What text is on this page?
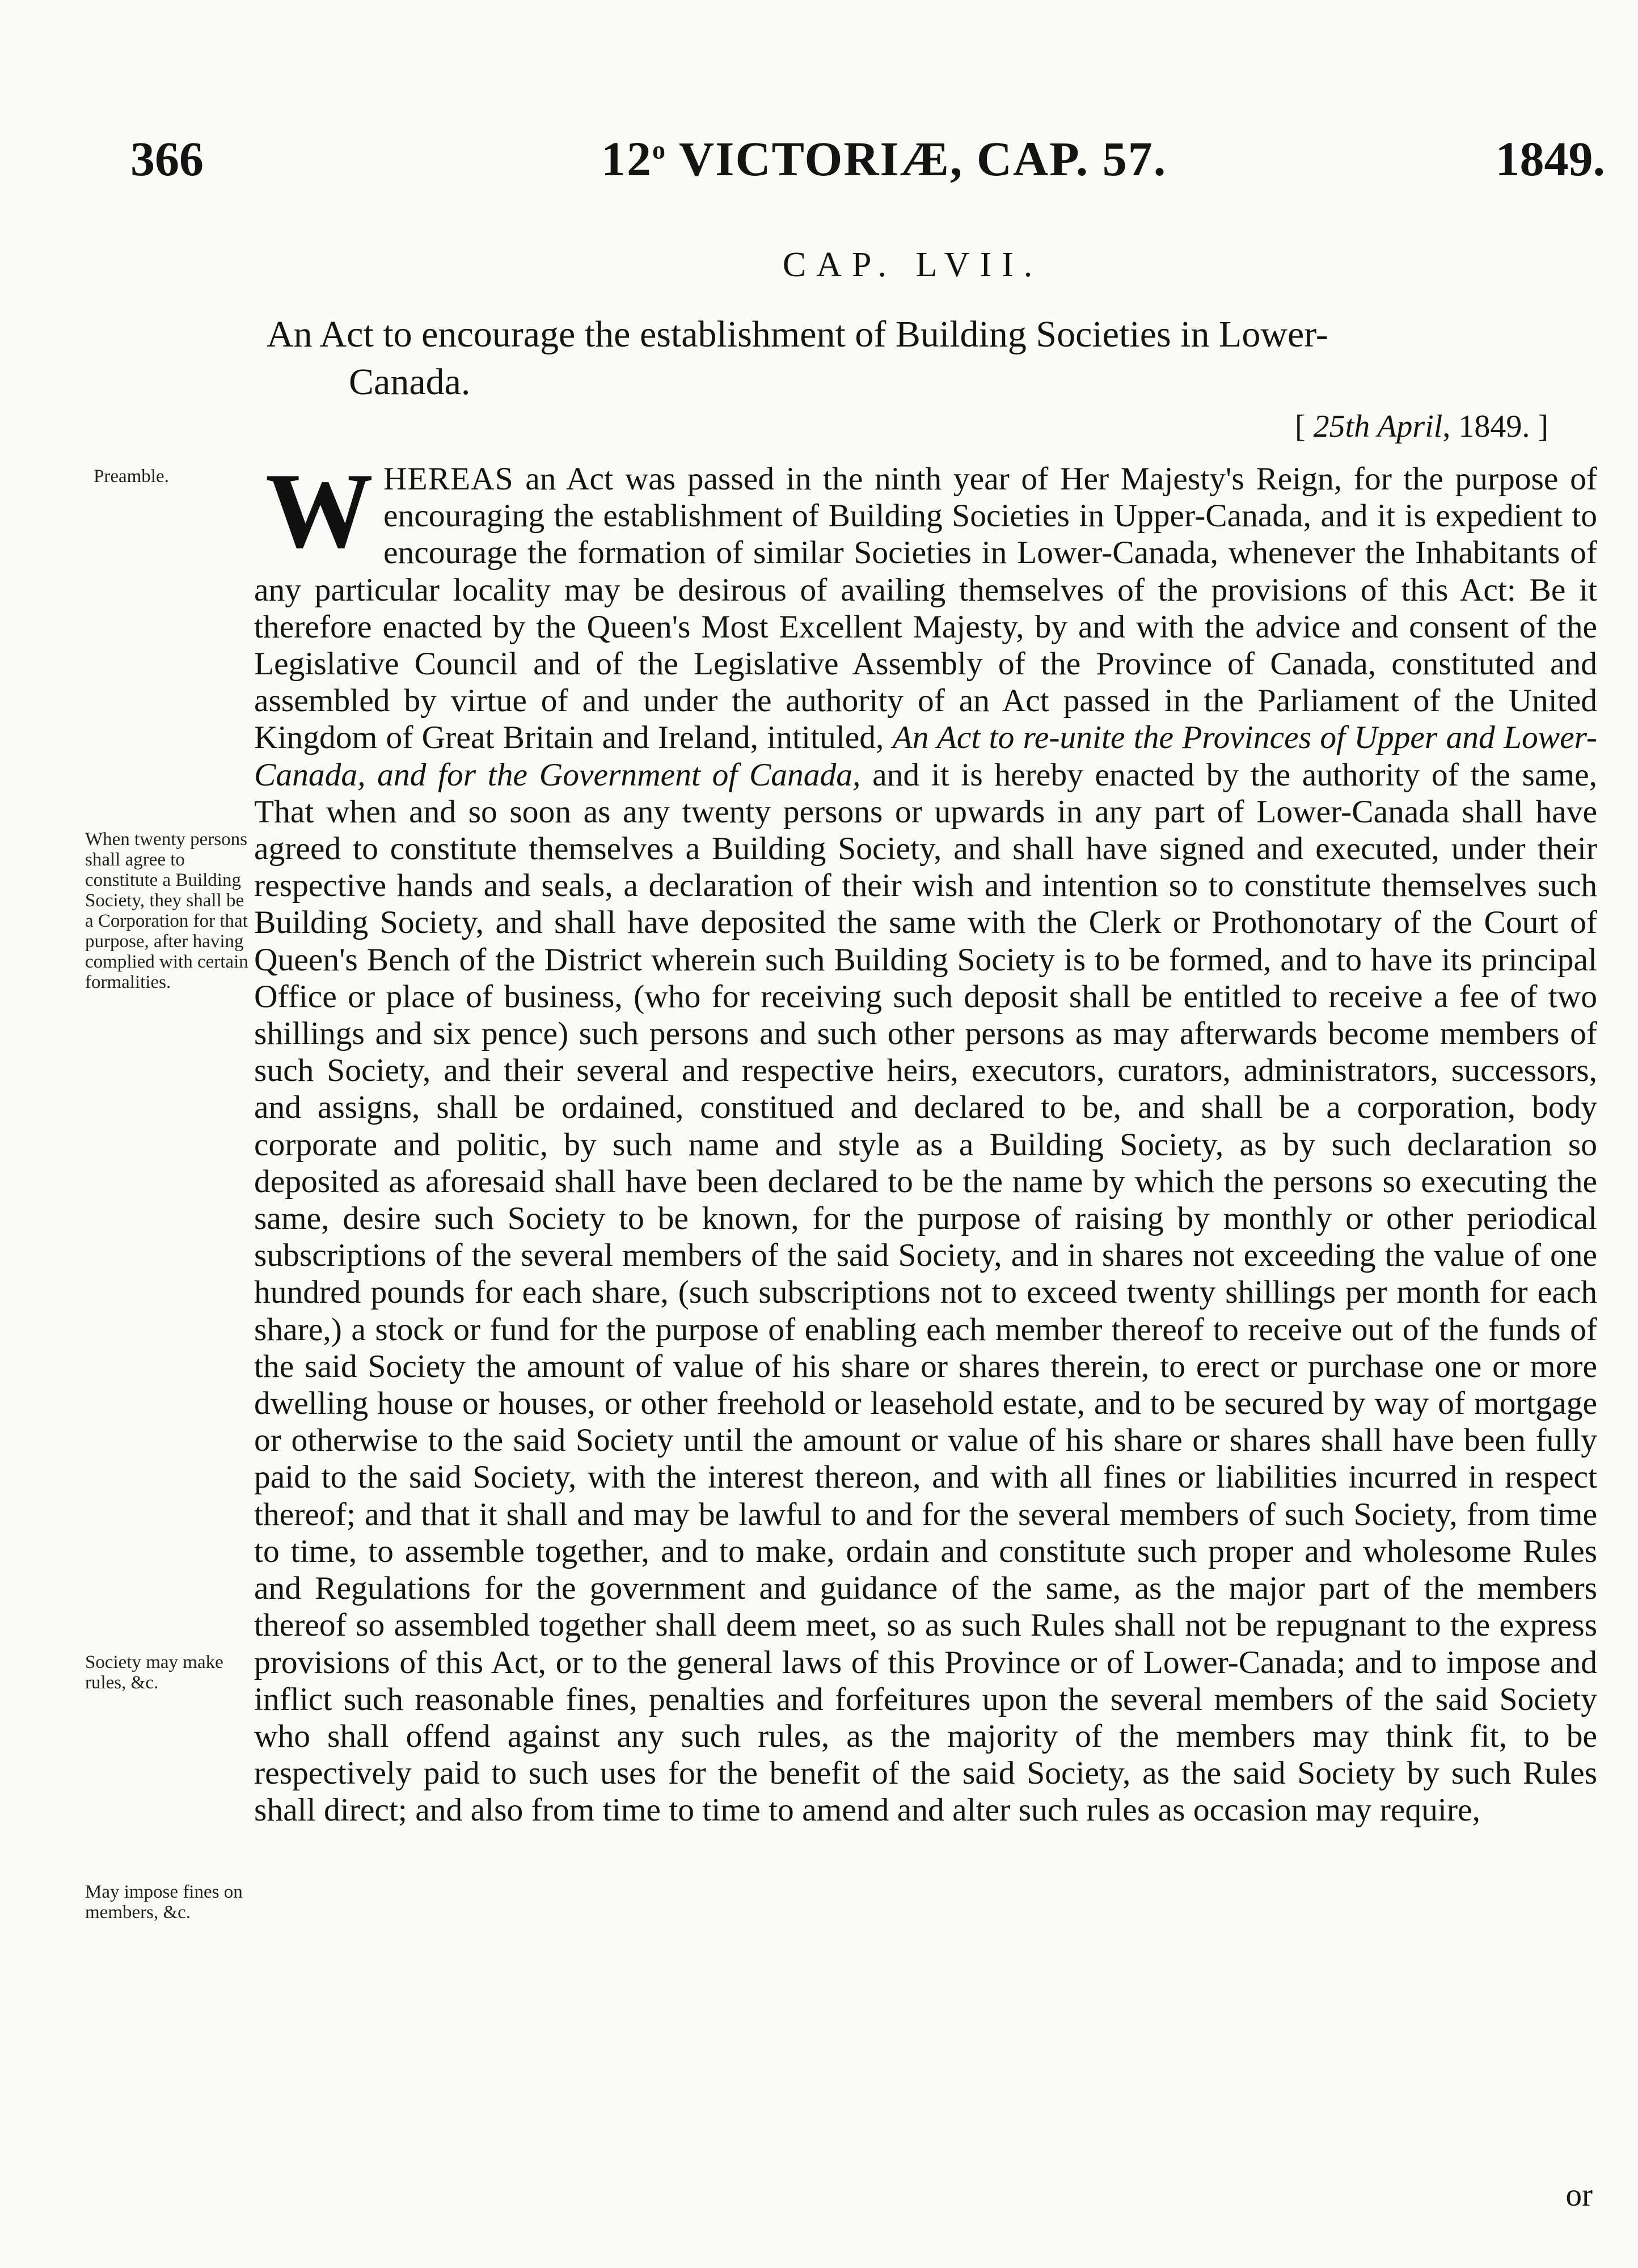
366	12$^o$ VICTORIÆ, CAP. 57.	1849.
CAP. LVII.
An Act to encourage the establishment of Building Societies in Lower-
Canada.
[ 25th April, 1849. ]
Preamble.
When twenty persons shall agree to constitute a Building Society, they shall be a Corporation for that purpose, after having complied with certain formalities.
Society may make rules, &c.
May impose fines on members, &c.
WHEREAS an Act was passed in the ninth year of Her Majesty's Reign, for the purpose of encouraging the establishment of Building Societies in Upper-Canada, and it is expedient to encourage the formation of similar Societies in Lower-Canada, whenever the Inhabitants of any particular locality may be desirous of availing themselves of the provisions of this Act: Be it therefore enacted by the Queen's Most Excellent Majesty, by and with the advice and consent of the Legislative Council and of the Legislative Assembly of the Province of Canada, constituted and assembled by virtue of and under the authority of an Act passed in the Parliament of the United Kingdom of Great Britain and Ireland, intituled, An Act to re-unite the Provinces of Upper and Lower-Canada, and for the Government of Canada, and it is hereby enacted by the authority of the same, That when and so soon as any twenty persons or upwards in any part of Lower-Canada shall have agreed to constitute themselves a Building Society, and shall have signed and executed, under their respective hands and seals, a declaration of their wish and intention so to constitute themselves such Building Society, and shall have deposited the same with the Clerk or Prothonotary of the Court of Queen's Bench of the District wherein such Building Society is to be formed, and to have its principal Office or place of business, (who for receiving such deposit shall be entitled to receive a fee of two shillings and six pence) such persons and such other persons as may afterwards become members of such Society, and their several and respective heirs, executors, curators, administrators, successors, and assigns, shall be ordained, constitued and declared to be, and shall be a corporation, body corporate and politic, by such name and style as a Building Society, as by such declaration so deposited as aforesaid shall have been declared to be the name by which the persons so executing the same, desire such Society to be known, for the purpose of raising by monthly or other periodical subscriptions of the several members of the said Society, and in shares not exceeding the value of one hundred pounds for each share, (such subscriptions not to exceed twenty shillings per month for each share,) a stock or fund for the purpose of enabling each member thereof to receive out of the funds of the said Society the amount of value of his share or shares therein, to erect or purchase one or more dwelling house or houses, or other freehold or leasehold estate, and to be secured by way of mortgage or otherwise to the said Society until the amount or value of his share or shares shall have been fully paid to the said Society, with the interest thereon, and with all fines or liabilities incurred in respect thereof; and that it shall and may be lawful to and for the several members of such Society, from time to time, to assemble together, and to make, ordain and constitute such proper and wholesome Rules and Regulations for the government and guidance of the same, as the major part of the members thereof so assembled together shall deem meet, so as such Rules shall not be repugnant to the express provisions of this Act, or to the general laws of this Province or of Lower-Canada; and to impose and inflict such reasonable fines, penalties and forfeitures upon the several members of the said Society who shall offend against any such rules, as the majority of the members may think fit, to be respectively paid to such uses for the benefit of the said Society, as the said Society by such Rules shall direct; and also from time to time to amend and alter such rules as occasion may require,
or
